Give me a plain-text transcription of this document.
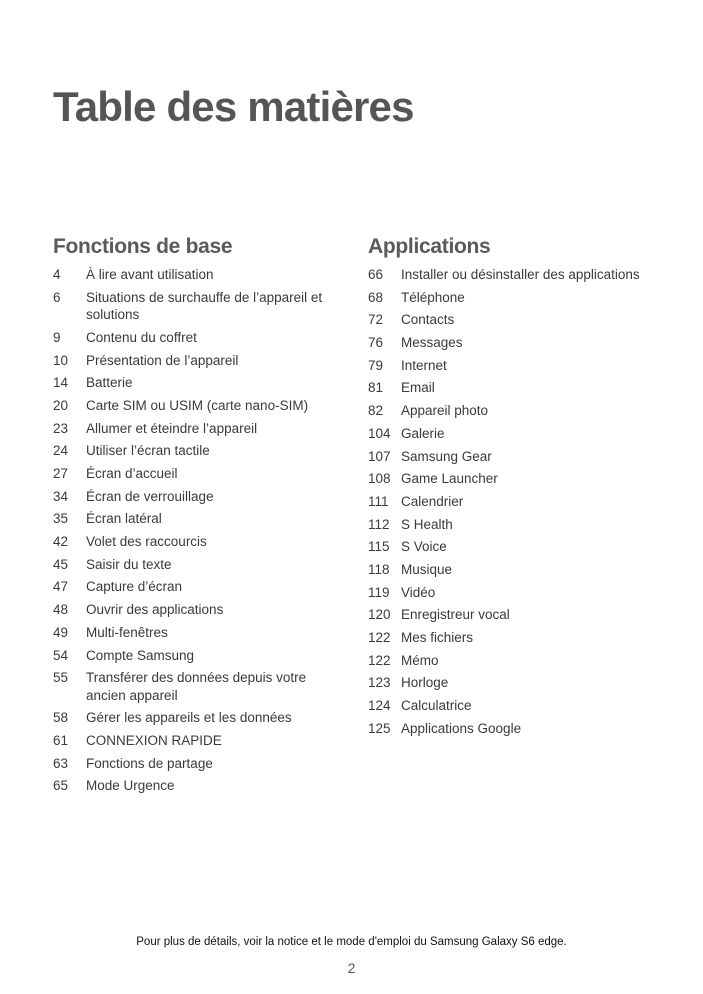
Table des matières
Fonctions de base
4	À lire avant utilisation
6	Situations de surchauffe de l’appareil et solutions
9	Contenu du coffret
10	Présentation de l’appareil
14	Batterie
20	Carte SIM ou USIM (carte nano-SIM)
23	Allumer et éteindre l’appareil
24	Utiliser l’écran tactile
27	Écran d’accueil
34	Écran de verrouillage
35	Écran latéral
42	Volet des raccourcis
45	Saisir du texte
47	Capture d’écran
48	Ouvrir des applications
49	Multi-fenêtres
54	Compte Samsung
55	Transférer des données depuis votre ancien appareil
58	Gérer les appareils et les données
61	CONNEXION RAPIDE
63	Fonctions de partage
65	Mode Urgence
Applications
66	Installer ou désinstaller des applications
68	Téléphone
72	Contacts
76	Messages
79	Internet
81	Email
82	Appareil photo
104 Galerie
107 Samsung Gear
108 Game Launcher
111 Calendrier
112 S Health
115 S Voice
118 Musique
119 Vidéo
120 Enregistreur vocal
122 Mes fichiers
122 Mémo
123 Horloge
124 Calculatrice
125 Applications Google
Pour plus de détails, voir la notice et le mode d'emploi du Samsung Galaxy S6 edge.
2
